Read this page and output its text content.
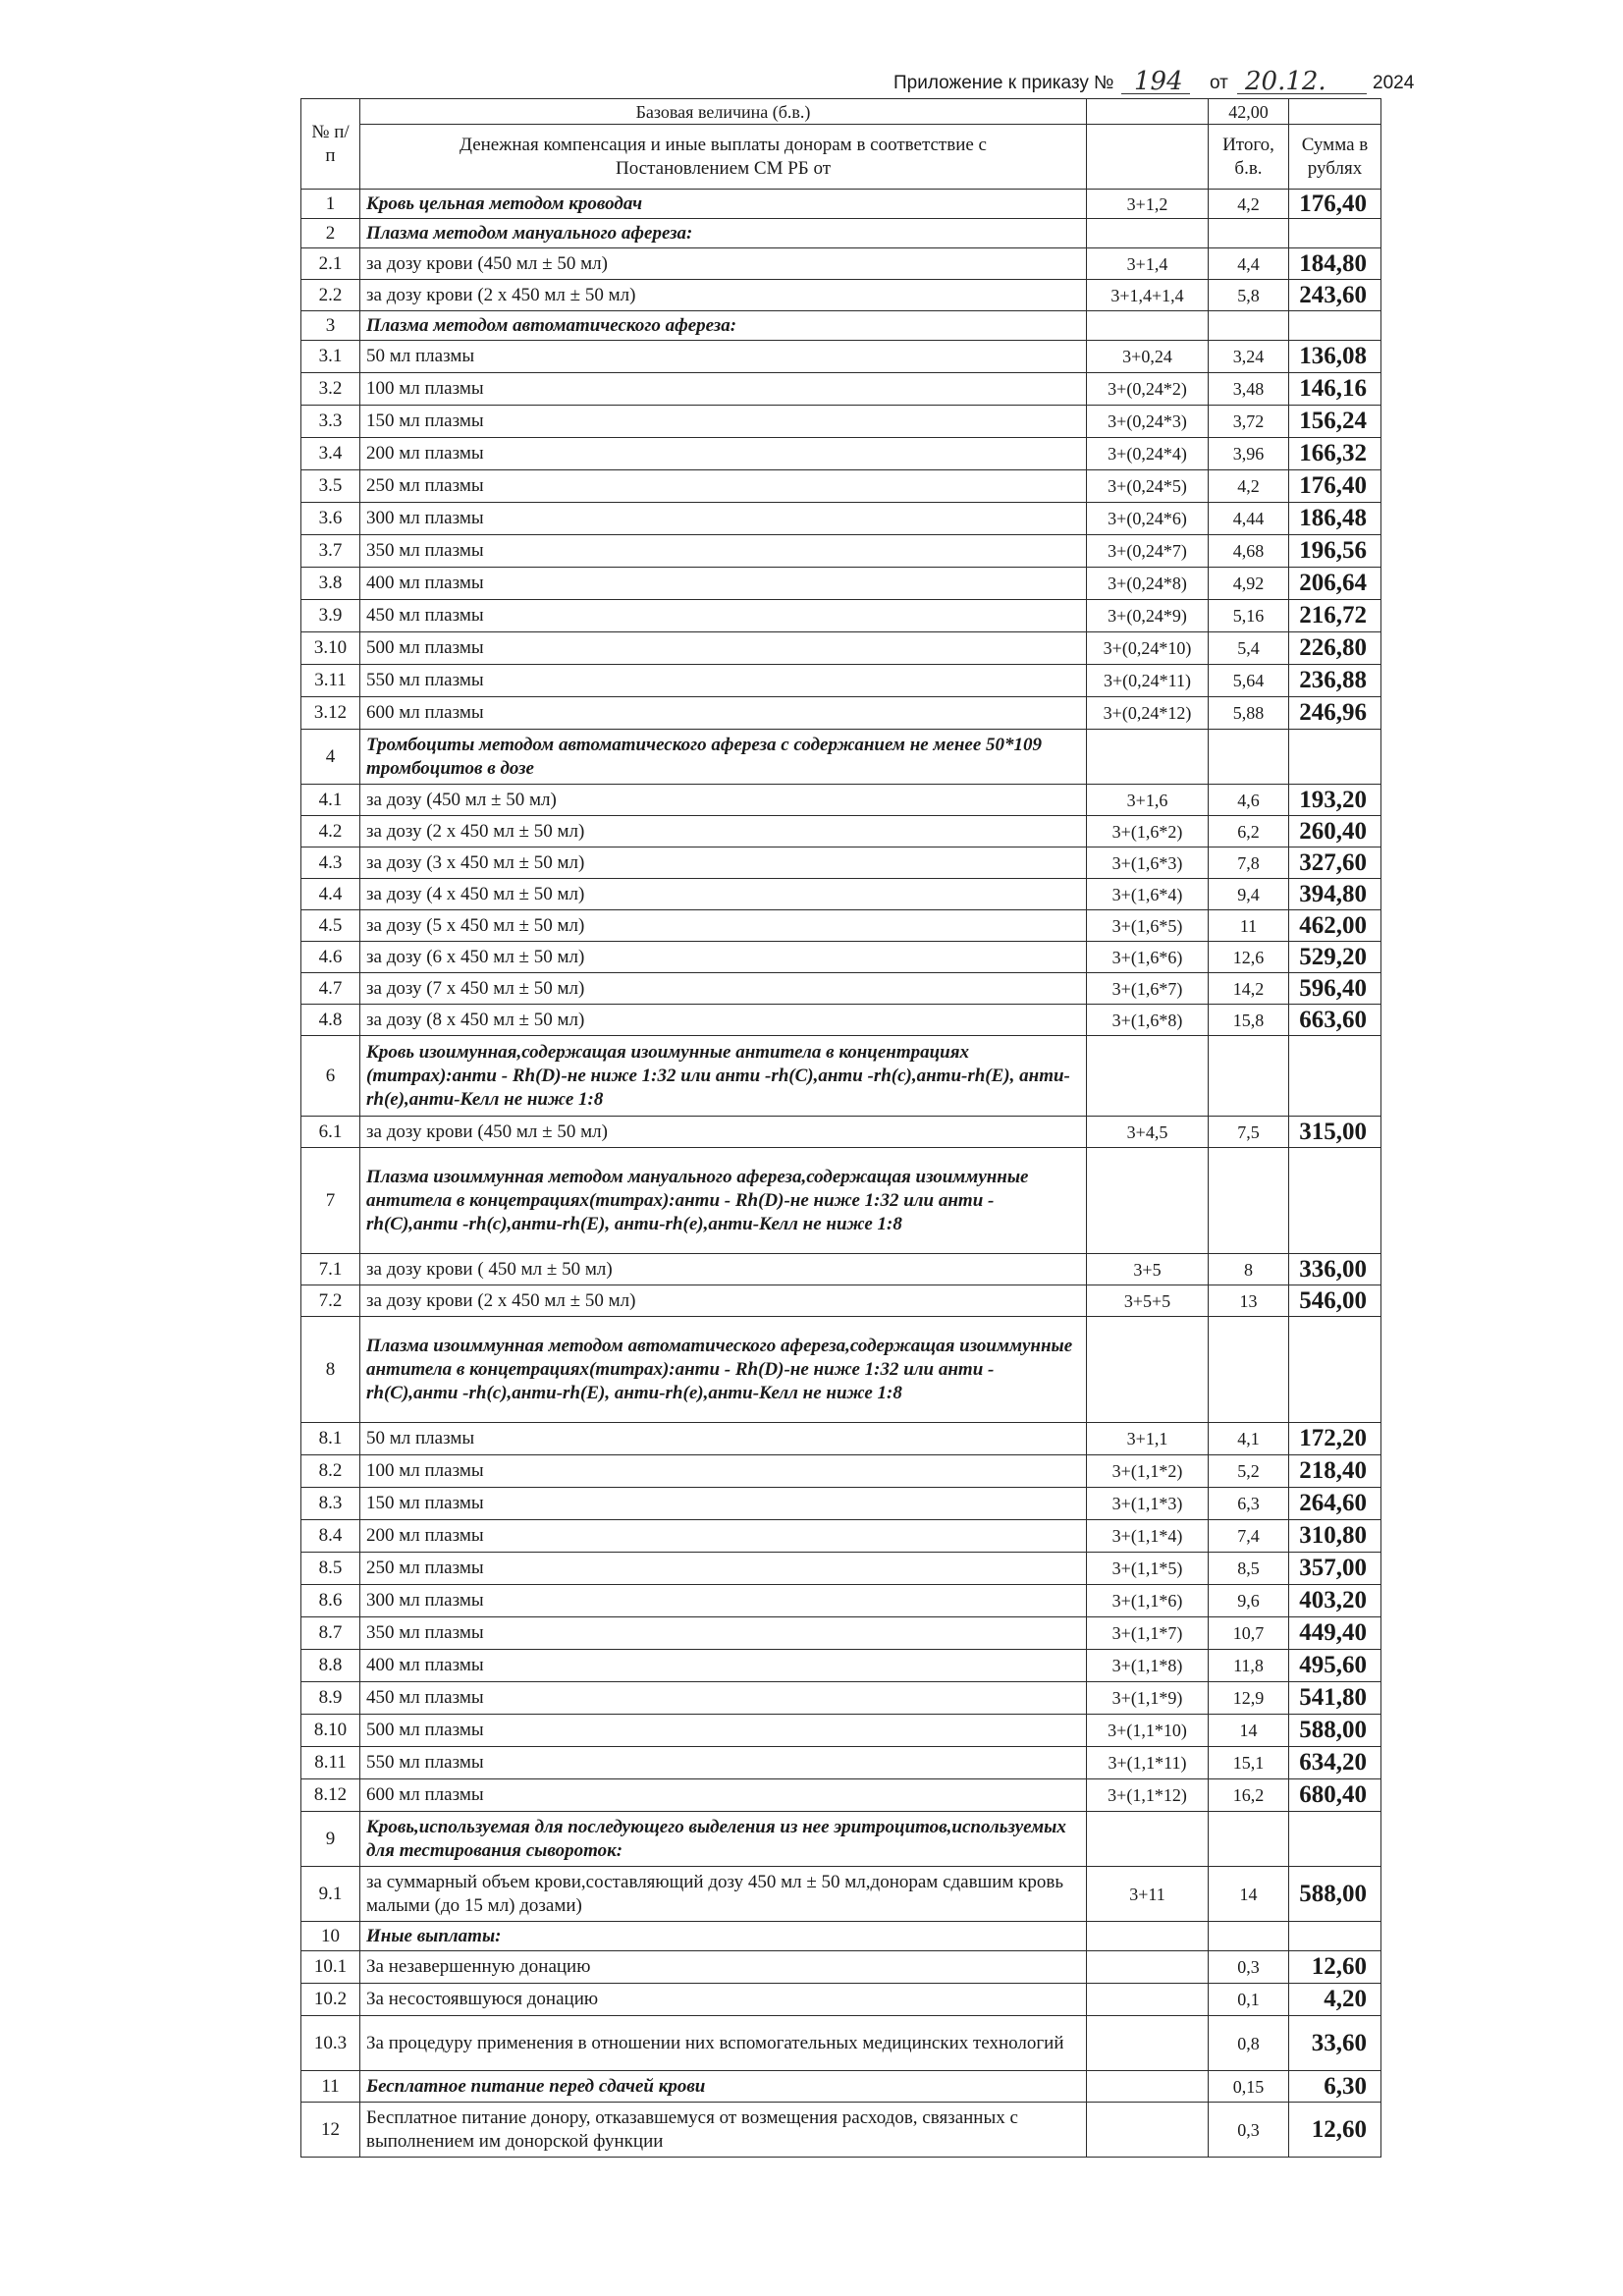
Приложение к приказу № 194 от 20.12. 2024
№ п/п	Базовая величина (б.в.)		42,00	

	Денежная компенсация и иные выплаты донорам в соответствие с Постановлением СМ РБ от		Итого, б.в.	Сумма в рублях

1	Кровь цельная методом кроводач	3+1,2	4,2	176,40
2	Плазма методом мануального афереза:			
2.1	за дозу крови (450 мл ± 50 мл)	3+1,4	4,4	184,80
2.2	за дозу крови (2 х 450 мл ± 50 мл)	3+1,4+1,4	5,8	243,60
3	Плазма методом автоматического афереза:			
3.1	50 мл плазмы	3+0,24	3,24	136,08
3.2	100 мл плазмы	3+(0,24*2)	3,48	146,16
3.3	150 мл плазмы	3+(0,24*3)	3,72	156,24
3.4	200 мл плазмы	3+(0,24*4)	3,96	166,32
3.5	250 мл плазмы	3+(0,24*5)	4,2	176,40
3.6	300 мл плазмы	3+(0,24*6)	4,44	186,48
3.7	350 мл плазмы	3+(0,24*7)	4,68	196,56
3.8	400 мл плазмы	3+(0,24*8)	4,92	206,64
3.9	450 мл плазмы	3+(0,24*9)	5,16	216,72
3.10	500 мл плазмы	3+(0,24*10)	5,4	226,80
3.11	550 мл плазмы	3+(0,24*11)	5,64	236,88
3.12	600 мл плазмы	3+(0,24*12)	5,88	246,96
4	Тромбоциты методом автоматического афереза с содержанием не менее 50*109 тромбоцитов в дозе			
4.1	за дозу (450 мл ± 50 мл)	3+1,6	4,6	193,20
4.2	за дозу (2 х 450 мл ± 50 мл)	3+(1,6*2)	6,2	260,40
4.3	за дозу (3 х 450 мл ± 50 мл)	3+(1,6*3)	7,8	327,60
4.4	за дозу (4 х 450 мл ± 50 мл)	3+(1,6*4)	9,4	394,80
4.5	за дозу (5 х 450 мл ± 50 мл)	3+(1,6*5)	11	462,00
4.6	за дозу (6 х 450 мл ± 50 мл)	3+(1,6*6)	12,6	529,20
4.7	за дозу (7 х 450 мл ± 50 мл)	3+(1,6*7)	14,2	596,40
4.8	за дозу (8 х 450 мл ± 50 мл)	3+(1,6*8)	15,8	663,60
6	Кровь изоимунная,содержащая изоимунные антитела в концентрациях (титрах):анти - Rh(D)-не ниже 1:32 или анти -rh(C),анти -rh(c),анти-rh(E), анти-rh(e),анти-Келл не ниже 1:8			
6.1	за дозу крови (450 мл ± 50 мл)	3+4,5	7,5	315,00
7	Плазма изоиммунная методом мануального афереза,содержащая изоиммунные антитела в концетрациях(титрах):анти - Rh(D)-не ниже 1:32 или анти -rh(C),анти -rh(c),анти-rh(E), анти-rh(e),анти-Келл не ниже 1:8			
7.1	за дозу крови ( 450 мл ± 50 мл)	3+5	8	336,00
7.2	за дозу крови (2 х 450 мл ± 50 мл)	3+5+5	13	546,00
8	Плазма изоиммунная методом автоматического афереза,содержащая изоиммунные антитела в концетрациях(титрах):анти - Rh(D)-не ниже 1:32 или анти -rh(C),анти -rh(c),анти-rh(E), анти-rh(e),анти-Келл не ниже 1:8			
8.1	50 мл плазмы	3+1,1	4,1	172,20
8.2	100 мл плазмы	3+(1,1*2)	5,2	218,40
8.3	150 мл плазмы	3+(1,1*3)	6,3	264,60
8.4	200 мл плазмы	3+(1,1*4)	7,4	310,80
8.5	250 мл плазмы	3+(1,1*5)	8,5	357,00
8.6	300 мл плазмы	3+(1,1*6)	9,6	403,20
8.7	350 мл плазмы	3+(1,1*7)	10,7	449,40
8.8	400 мл плазмы	3+(1,1*8)	11,8	495,60
8.9	450 мл плазмы	3+(1,1*9)	12,9	541,80
8.10	500 мл плазмы	3+(1,1*10)	14	588,00
8.11	550 мл плазмы	3+(1,1*11)	15,1	634,20
8.12	600 мл плазмы	3+(1,1*12)	16,2	680,40
9	Кровь,используемая для последующего выделения из нее эритроцитов,используемых для тестирования сывороток:			
9.1	за суммарный объем крови,составляющий дозу 450 мл ± 50 мл,донорам сдавшим кровь малыми (до 15 мл) дозами)	3+11	14	588,00
10	Иные выплаты:			
10.1	За незавершенную донацию		0,3	12,60
10.2	За несостоявшуюся донацию		0,1	4,20
10.3	За процедуру применения в отношении них вспомогательных медицинских технологий		0,8	33,60
11	Бесплатное питание перед сдачей крови		0,15	6,30
12	Бесплатное питание донору, отказавшемуся от возмещения расходов, связанных с выполнением им донорской функции		0,3	12,60
